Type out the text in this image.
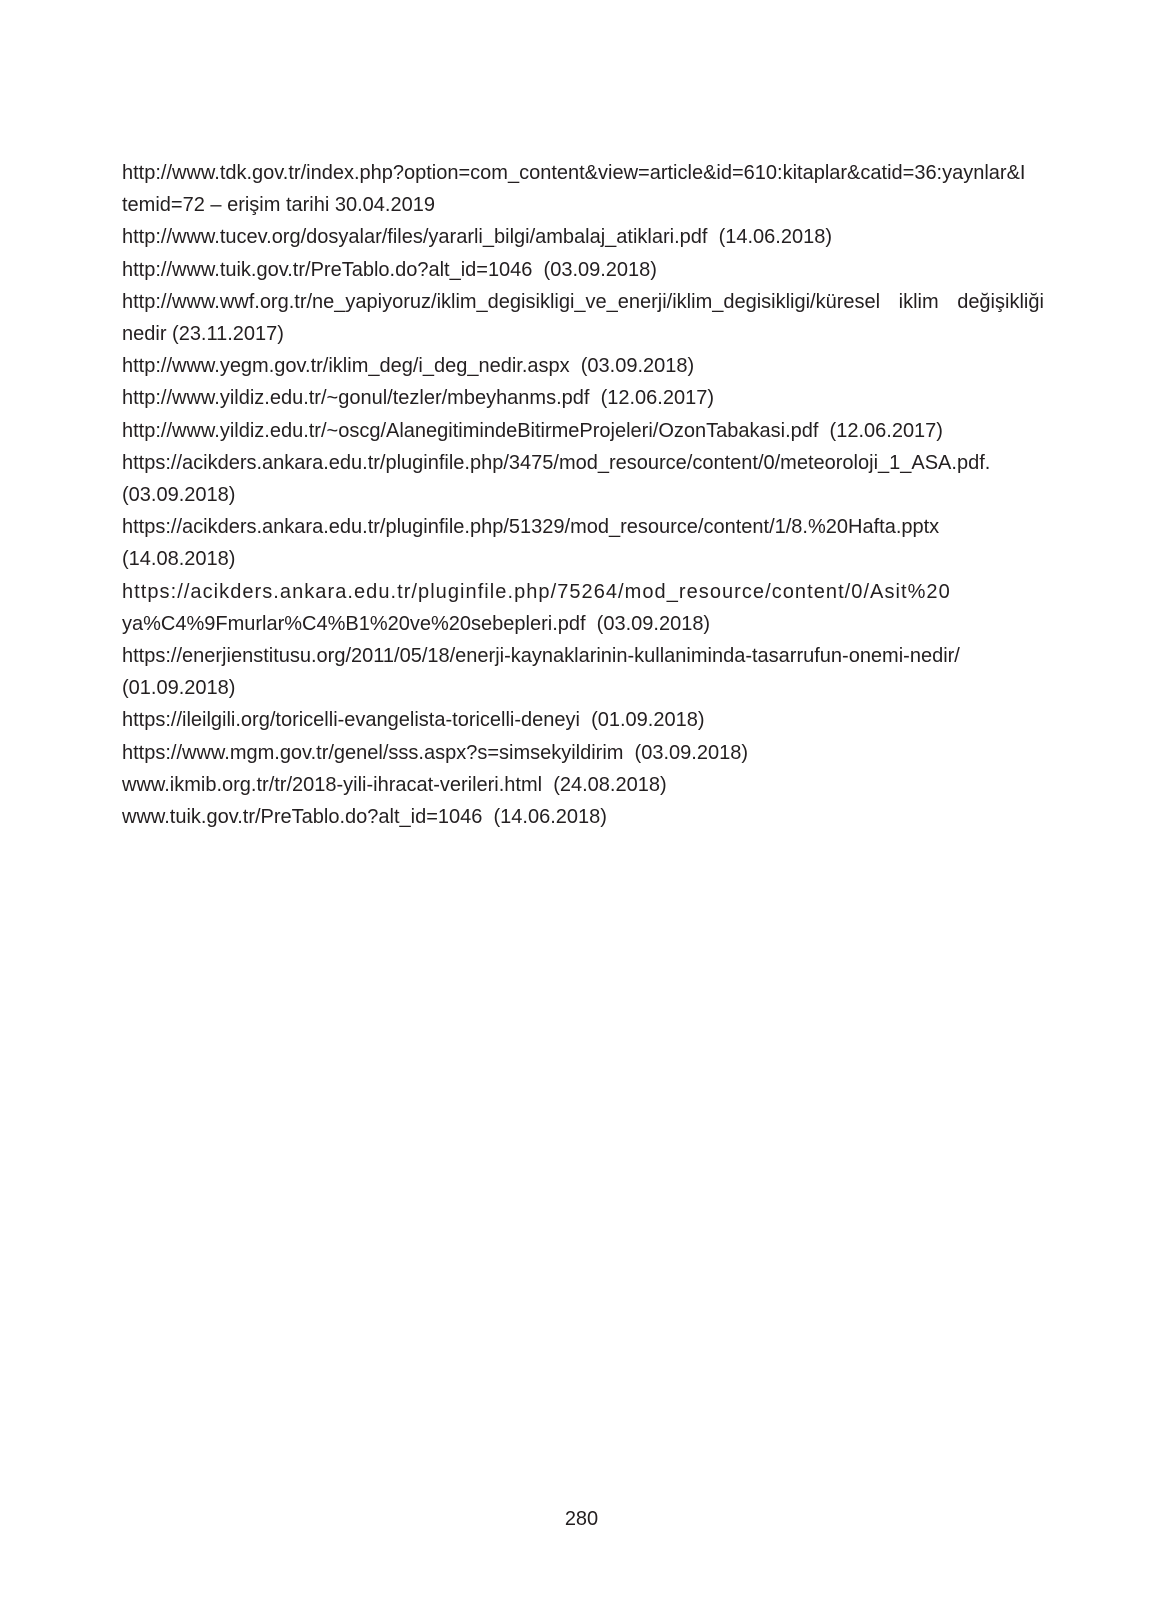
http://www.tdk.gov.tr/index.php?option=com_content&view=article&id=610:kitaplar&catid=36:yaynlar&I
temid=72 – erişim tarihi 30.04.2019
http://www.tucev.org/dosyalar/files/yararli_bilgi/ambalaj_atiklari.pdf  (14.06.2018)
http://www.tuik.gov.tr/PreTablo.do?alt_id=1046  (03.09.2018)
http://www.wwf.org.tr/ne_yapiyoruz/iklim_degisikligi_ve_enerji/iklim_degisikligi/küresel iklim değişikliği
nedir (23.11.2017)
http://www.yegm.gov.tr/iklim_deg/i_deg_nedir.aspx  (03.09.2018)
http://www.yildiz.edu.tr/~gonul/tezler/mbeyhanms.pdf  (12.06.2017)
http://www.yildiz.edu.tr/~oscg/AlanegitimindeBitirmeProjeleri/OzonTabakasi.pdf  (12.06.2017)
https://acikders.ankara.edu.tr/pluginfile.php/3475/mod_resource/content/0/meteoroloji_1_ASA.pdf.
(03.09.2018)
https://acikders.ankara.edu.tr/pluginfile.php/51329/mod_resource/content/1/8.%20Hafta.pptx
(14.08.2018)
https://acikders.ankara.edu.tr/pluginfile.php/75264/mod_resource/content/0/Asit%20
ya%C4%9Fmurlar%C4%B1%20ve%20sebepleri.pdf  (03.09.2018)
https://enerjienstitusu.org/2011/05/18/enerji-kaynaklarinin-kullaniminda-tasarrufun-onemi-nedir/
(01.09.2018)
https://ileilgili.org/toricelli-evangelista-toricelli-deneyi  (01.09.2018)
https://www.mgm.gov.tr/genel/sss.aspx?s=simsekyildirim  (03.09.2018)
www.ikmib.org.tr/tr/2018-yili-ihracat-verileri.html  (24.08.2018)
www.tuik.gov.tr/PreTablo.do?alt_id=1046  (14.06.2018)
280
